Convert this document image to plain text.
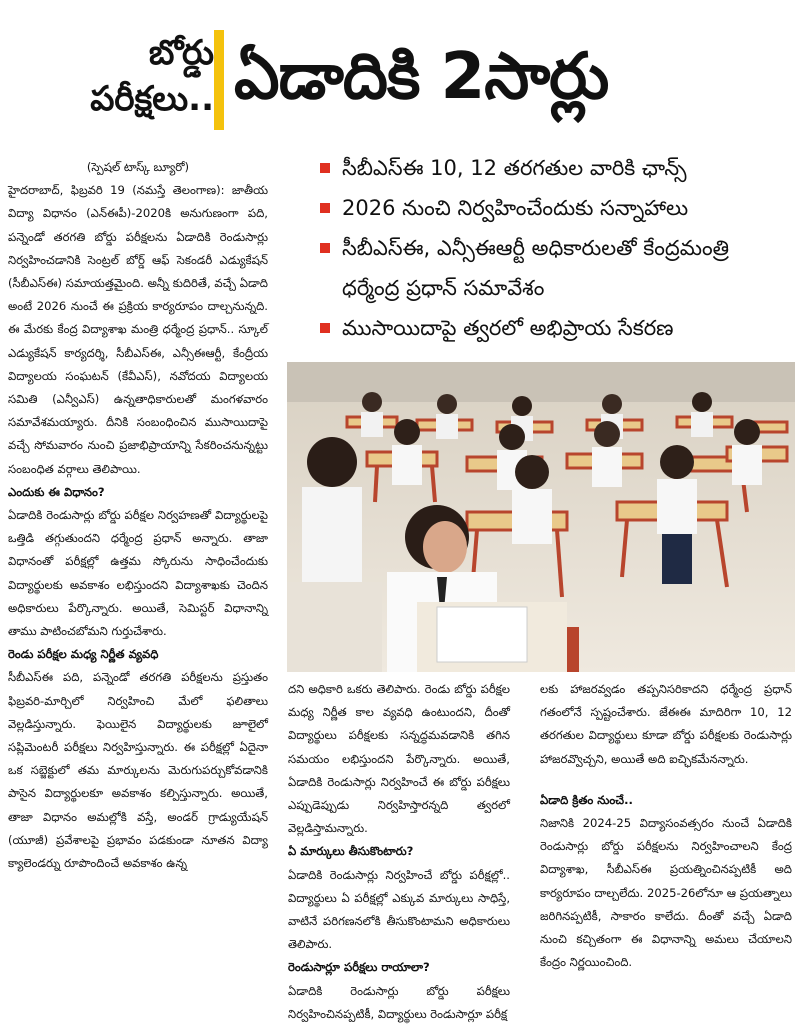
బోర్డు
పరీక్షలు.. ఏడాదికి 2సార్లు
సీబీఎస్ఈ 10, 12 తరగతుల వారికి ఛాన్స్
2026 నుంచి నిర్వహించేందుకు సన్నాహాలు
సీబీఎస్ఈ, ఎన్సీఈఆర్టీ అధికారులతో కేంద్రమంత్రి ధర్మేంద్ర ప్రధాన్ సమావేశం
ముసాయిదాపై త్వరలో అభిప్రాయ సేకరణ

(స్పెషల్ టాస్క్ బ్యూరో)

హైదరాబాద్, ఫిబ్రవరి 19 (నమస్తే తెలంగాణ): జాతీయ విద్యా విధానం (ఎన్ఈపీ)-2020కి అనుగుణంగా పది, పన్నెండో తరగతి బోర్డు పరీక్షలను ఏడాదికి రెండుసార్లు నిర్వహించడానికి సెంట్రల్ బోర్డ్ ఆఫ్ సెకండరీ ఎడ్యుకేషన్ (సీబీఎస్ఈ) సమాయత్తమైంది. అన్నీ కుదిరితే, వచ్చే ఏడాది అంటే 2026 నుంచే ఈ ప్రక్రియ కార్యరూపం దాల్చనున్నది. ఈ మేరకు కేంద్ర విద్యాశాఖ మంత్రి ధర్మేంద్ర ప్రధాన్.. స్కూల్ ఎడ్యుకేషన్ కార్యదర్శి, సీబీఎస్ఈ, ఎన్సీఈఆర్టీ, కేంద్రీయ విద్యాలయ సంఘటన్ (కేవీఎస్), నవోదయ విద్యాలయ సమితి (ఎన్వీఎస్) ఉన్నతాధికారులతో మంగళవారం సమావేశమయ్యారు. దీనికి సంబంధించిన ముసాయిదాపై వచ్చే సోమవారం నుంచి ప్రజాభిప్రాయాన్ని సేకరించనున్నట్టు సంబంధిత వర్గాలు తెలిపాయి.

ఎందుకు ఈ విధానం?

ఏడాదికి రెండుసార్లు బోర్డు పరీక్షల నిర్వహణతో విద్యార్థులపై ఒత్తిడి తగ్గుతుందని ధర్మేంద్ర ప్రధాన్ అన్నారు. తాజా విధానంతో పరీక్షల్లో ఉత్తమ స్కోరును సాధించేందుకు విద్యార్థులకు అవకాశం లభిస్తుందని విద్యాశాఖకు చెందిన అధికారులు పేర్కొన్నారు. అయితే, సెమిస్టర్ విధానాన్ని తాము పాటించబోమని గుర్తుచేశారు.

రెండు పరీక్షల మధ్య నిర్ణీత వ్యవధి

సీబీఎస్ఈ పది, పన్నెండో తరగతి పరీక్షలను ప్రస్తుతం ఫిబ్రవరి-మార్చిలో నిర్వహించి మేలో ఫలితాలు వెల్లడిస్తున్నారు. ఫెయిలైన విద్యార్థులకు జూలైలో సప్లిమెంటరీ పరీక్షలు నిర్వహిస్తున్నారు. ఈ పరీక్షల్లో ఏదైనా ఒక సబ్జెక్టులో తమ మార్కులను మెరుగుపర్చుకోవడానికి పాసైన విద్యార్థులకూ అవకాశం కల్పిస్తున్నారు. అయితే, తాజా విధానం అమల్లోకి వస్తే, అండర్ గ్రాడ్యుయేషన్ (యూజీ) ప్రవేశాలపై ప్రభావం పడకుండా నూతన విద్యా క్యాలెండర్ను రూపొందించే అవకాశం ఉన్న

దని అధికారి ఒకరు తెలిపారు. రెండు బోర్డు పరీక్షల మధ్య నిర్ణీత కాల వ్యవధి ఉంటుందని, దీంతో విద్యార్థులు పరీక్షలకు సన్నద్ధమవడానికి తగిన సమయం లభిస్తుందని పేర్కొన్నారు. అయితే, ఏడాదికి రెండుసార్లు నిర్వహించే ఈ బోర్డు పరీక్షలు ఎప్పుడెప్పుడు నిర్వహిస్తారన్నది త్వరలో వెల్లడిస్తామన్నారు.

ఏ మార్కులు తీసుకొంటారు?

ఏడాదికి రెండుసార్లు నిర్వహించే బోర్డు పరీక్షల్లో.. విద్యార్థులు ఏ పరీక్షల్లో ఎక్కువ మార్కులు సాధిస్తే, వాటినే పరిగణనలోకి తీసుకొంటామని అధికారులు తెలిపారు.

రెండుసార్లూ పరీక్షలు రాయాలా?

ఏడాదికి రెండుసార్లు బోర్డు పరీక్షలు నిర్వహించినప్పటికీ, విద్యార్థులు రెండుసార్లూ పరీక్ష

లకు హాజరవ్వడం తప్పనిసరికాదని ధర్మేంద్ర ప్రధాన్ గతంలోనే స్పష్టంచేశారు. జేఈఈ మాదిరిగా 10, 12 తరగతుల విద్యార్థులు కూడా బోర్డు పరీక్షలకు రెండుసార్లు హాజరవ్వొచ్చని, అయితే అది ఐచ్ఛికమేనన్నారు.

ఏడాది క్రితం నుంచే..

నిజానికి 2024-25 విద్యాసంవత్సరం నుంచే ఏడాదికి రెండుసార్లు బోర్డు పరీక్షలను నిర్వహించాలని కేంద్ర విద్యాశాఖ, సీబీఎస్ఈ ప్రయత్నించినప్పటికీ అది కార్యరూపం దాల్చలేదు. 2025-26లోనూ ఆ ప్రయత్నాలు జరిగినప్పటికీ, సాకారం కాలేదు. దీంతో వచ్చే ఏడాది నుంచి కచ్చితంగా ఈ విధానాన్ని అమలు చేయాలని కేంద్రం నిర్ణయించింది.
